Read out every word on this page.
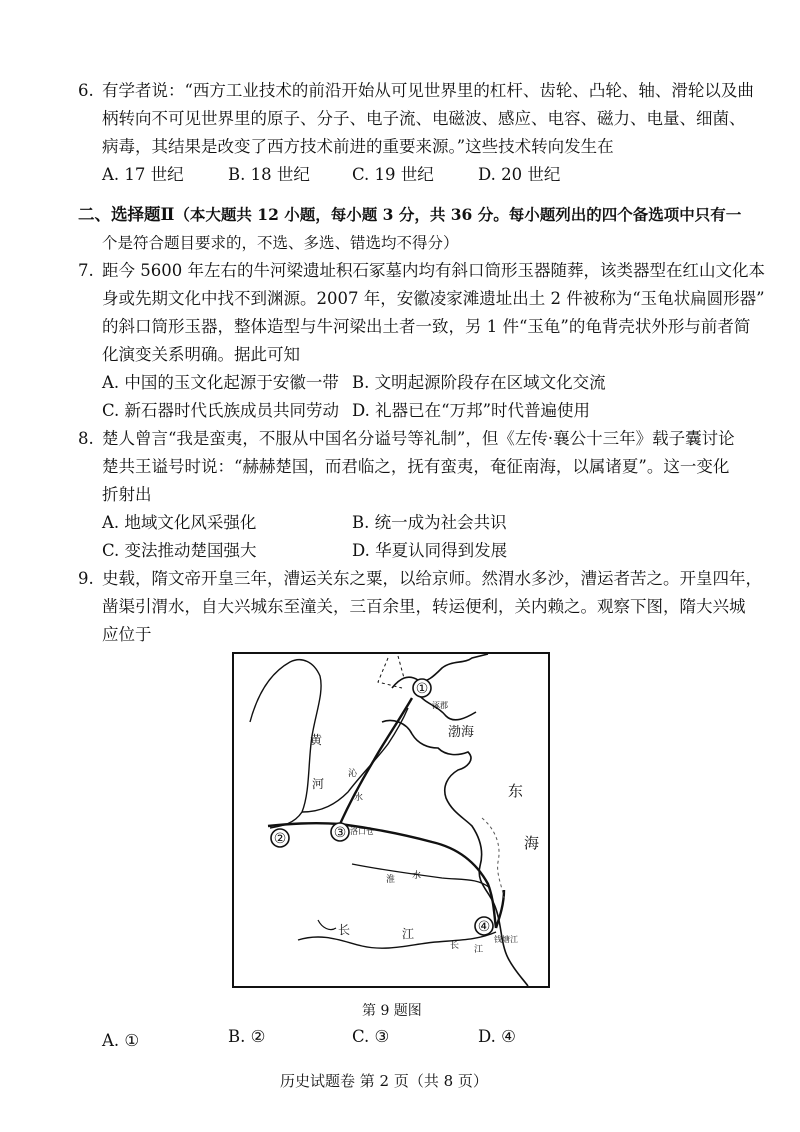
6. 有学者说：“西方工业技术的前沿开始从可见世界里的杠杆、齿轮、凸轮、轴、滑轮以及曲
柄转向不可见世界里的原子、分子、电子流、电磁波、感应、电容、磁力、电量、细菌、
病毒，其结果是改变了西方技术前进的重要来源。”这些技术转向发生在
A. 17 世纪	B. 18 世纪	C. 19 世纪	D. 20 世纪
二、选择题Ⅱ（本大题共 12 小题，每小题 3 分，共 36 分。每小题列出的四个备选项中只有一
个是符合题目要求的，不选、多选、错选均不得分）
7. 距今 5600 年左右的牛河梁遗址积石冢墓内均有斜口筒形玉器随葬，该类器型在红山文化本
身或先期文化中找不到渊源。2007 年，安徽凌家滩遗址出土 2 件被称为“玉龟状扁圆形器”
的斜口筒形玉器，整体造型与牛河梁出土者一致，另 1 件“玉龟”的龟背壳状外形与前者简
化演变关系明确。据此可知
A. 中国的玉文化起源于安徽一带 B. 文明起源阶段存在区域文化交流
C. 新石器时代氏族成员共同劳动 D. 礼器已在“万邦”时代普遍使用
8. 楚人曾言“我是蛮夷，不服从中国名分谥号等礼制”，但《左传·襄公十三年》载子囊讨论
楚共王谥号时说：“赫赫楚国，而君临之，抚有蛮夷，奄征南海，以属诸夏”。这一变化
折射出
A. 地域文化风采强化	B. 统一成为社会共识
C. 变法推动楚国强大	D. 华夏认同得到发展
9. 史载，隋文帝开皇三年，漕运关东之粟，以给京师。然渭水多沙，漕运者苦之。开皇四年，
凿渠引渭水，自大兴城东至潼关，三百余里，转运便利，关内赖之。观察下图，隋大兴城
应位于
①
②	③
④
涿郡
洛口仓
钱塘江
渤海
东
海
黄
河
沁
水
淮 水
长	江
长 江
第 9 题图
A. ①	B. ②	C. ③	D. ④
历史试题卷 第 2 页（共 8 页）
